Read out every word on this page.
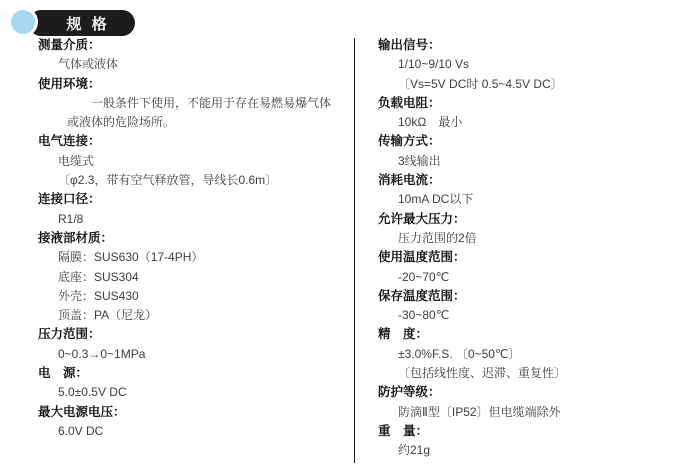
规 格
测量介质：
气体或液体
使用环境：
一般条件下使用，不能用于存在易燃易爆气体
或液体的危险场所。
电气连接：
电缆式
〔φ2.3，带有空气释放管，导线长0.6m〕
连接口径：
R1/8
接液部材质：
隔膜：SUS630（17-4PH）
底座：SUS304
外壳：SUS430
顶盖：PA（尼龙）
压力范围：
0~0.3→0~1MPa
电　源：
5.0±0.5V DC
最大电源电压：
6.0V DC
输出信号：
1/10~9/10 Vs
〔Vs=5V DC时 0.5~4.5V DC〕
负载电阻：
10kΩ　最小
传输方式：
3线输出
消耗电流：
10mA DC以下
允许最大压力：
压力范围的2倍
使用温度范围：
-20~70℃
保存温度范围：
-30~80℃
精　度：
±3.0%F.S. 〔0~50℃〕
〔包括线性度、迟滞、重复性〕
防护等级：
防滴Ⅱ型〔IP52〕但电缆端除外
重　量：
约21g
